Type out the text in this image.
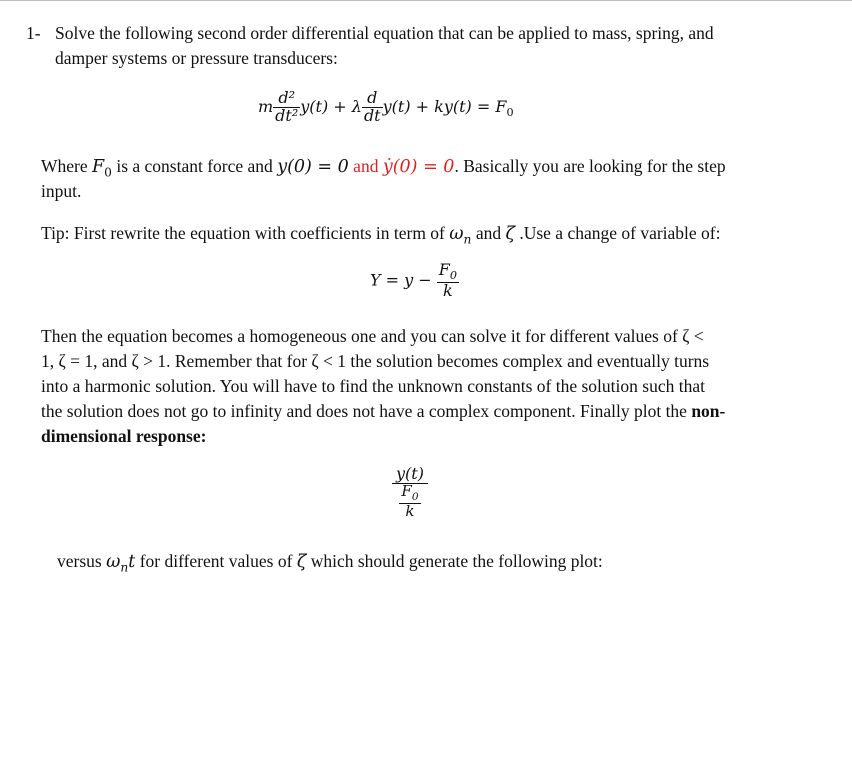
1- Solve the following second order differential equation that can be applied to mass, spring, and
damper systems or pressure transducers:
m $\frac{\text{d²}}{\text{dt²}} y(t) + \lambda \frac{d}{dt} y(t) + ky(t) = F_0$
Where $F_0$ is a constant force and y(0) = 0 and ẏ(0) = 0. Basically you are looking for the step
input.
Tip: First rewrite the equation with coefficients in term of $\omega_n$ and ζ .Use a change of variable of:
$Y = y - \frac{F_0}{k}$
Then the equation becomes a homogeneous one and you can solve it for different values of ζ <
1, ζ = 1, and ζ > 1. Remember that for ζ < 1 the solution becomes complex and eventually turns
into a harmonic solution. You will have to find the unknown constants of the solution such that
the solution does not go to infinity and does not have a complex component. Finally plot the non-
dimensional response:
$\frac{y(t)}{\frac{F_0}{k}}$
versus $\omega_nt$ for different values of ζ which should generate the following plot:
